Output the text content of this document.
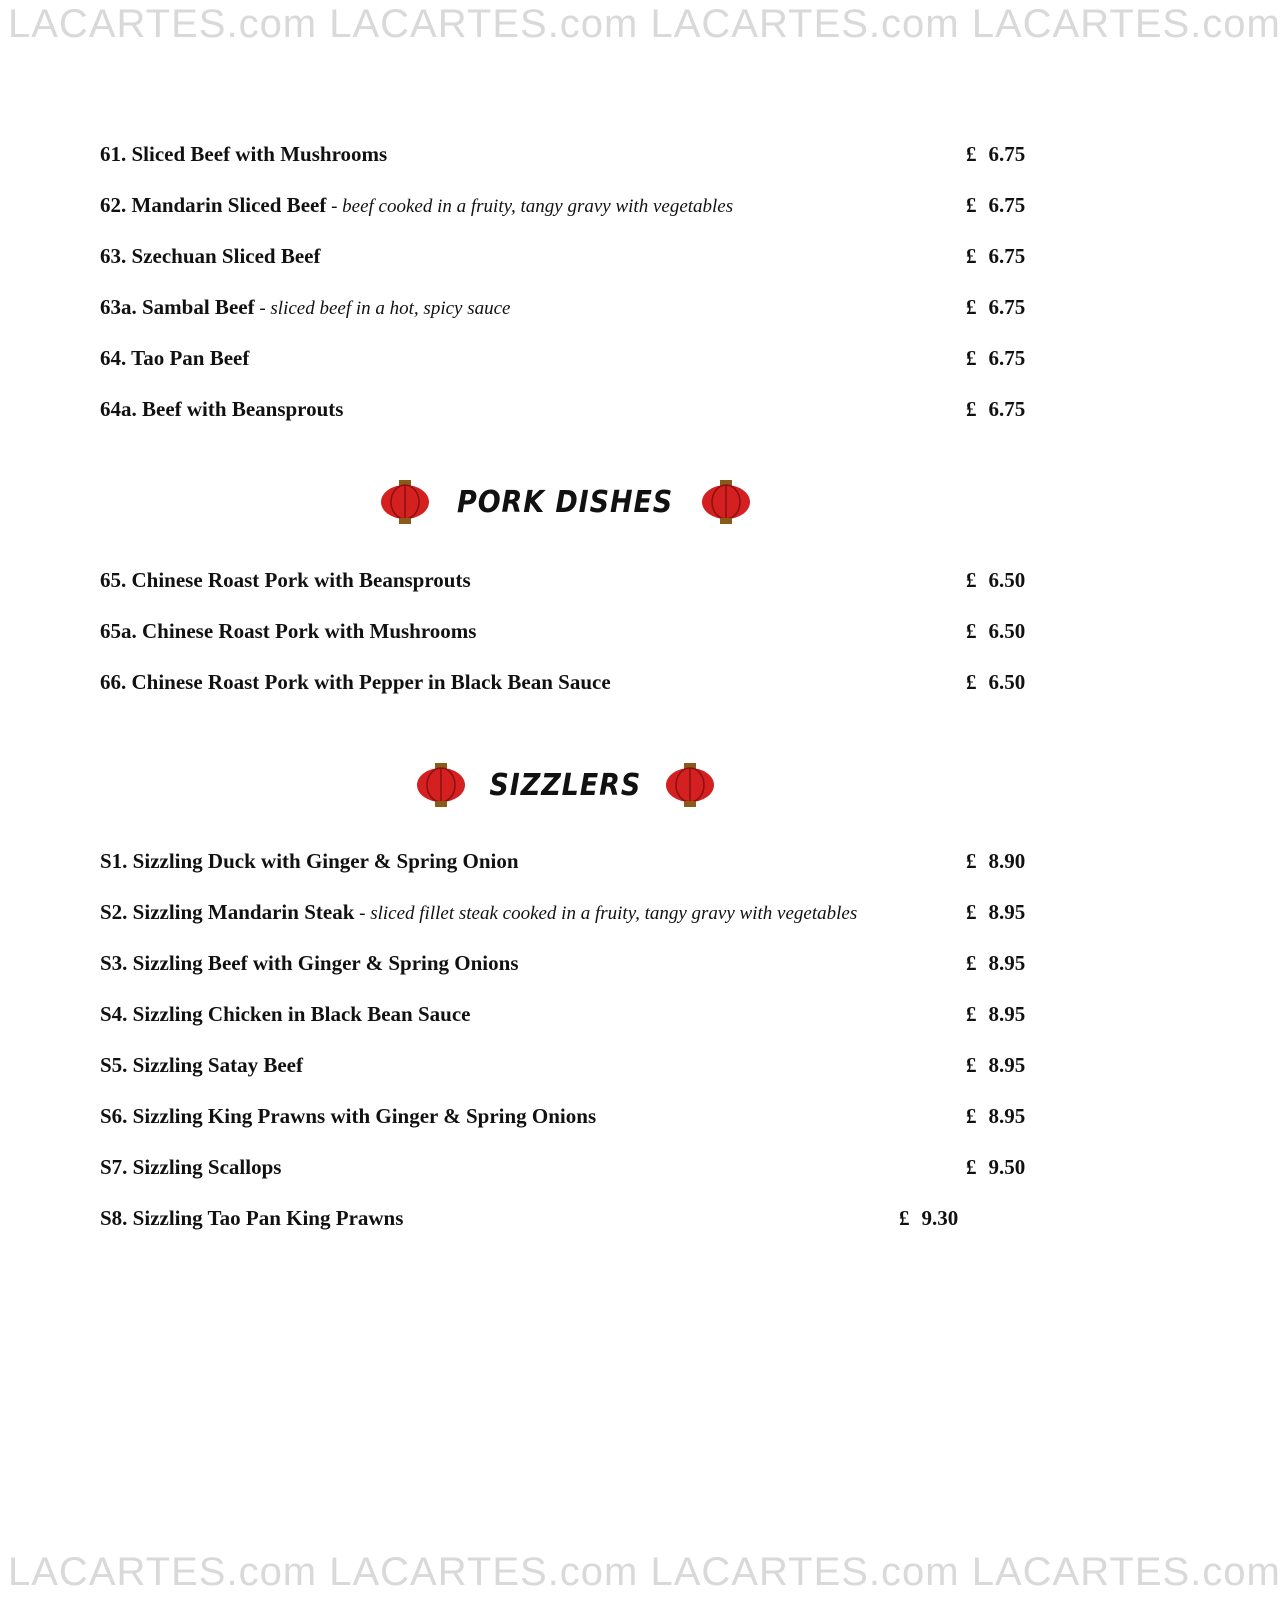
LACARTES.com LACARTES.com LACARTES.com LACARTES.com
61. Sliced Beef with Mushrooms	£ 6.75
62. Mandarin Sliced Beef - beef cooked in a fruity, tangy gravy with vegetables	£ 6.75
63. Szechuan Sliced Beef	£ 6.75
63a. Sambal Beef - sliced beef in a hot, spicy sauce	£ 6.75
64. Tao Pan Beef	£ 6.75
64a. Beef with Beansprouts	£ 6.75
PORK DISHES
65. Chinese Roast Pork with Beansprouts	£ 6.50
65a. Chinese Roast Pork with Mushrooms	£ 6.50
66. Chinese Roast Pork with Pepper in Black Bean Sauce	£ 6.50
SIZZLERS
S1. Sizzling Duck with Ginger & Spring Onion	£ 8.90
S2. Sizzling Mandarin Steak - sliced fillet steak cooked in a fruity, tangy gravy with vegetables	£ 8.95
S3. Sizzling Beef with Ginger & Spring Onions	£ 8.95
S4. Sizzling Chicken in Black Bean Sauce	£ 8.95
S5. Sizzling Satay Beef	£ 8.95
S6. Sizzling King Prawns with Ginger & Spring Onions	£ 8.95
S7. Sizzling Scallops	£ 9.50
S8. Sizzling Tao Pan King Prawns	£ 9.30
LACARTES.com LACARTES.com LACARTES.com LACARTES.com
